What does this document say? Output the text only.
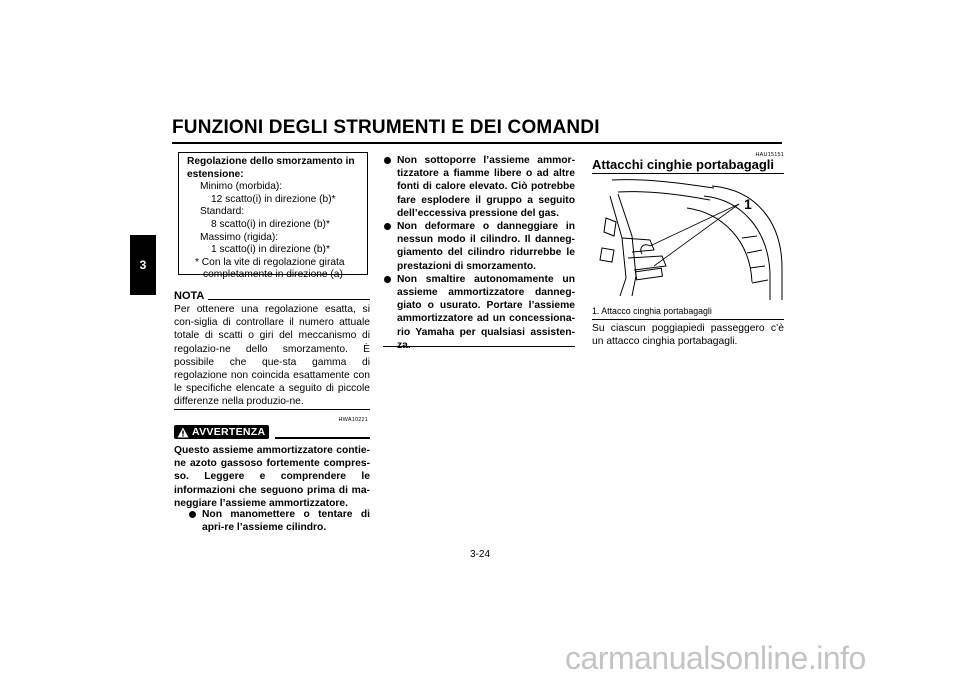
FUNZIONI DEGLI STRUMENTI E DEI COMANDI
3
Regolazione dello smorzamento in estensione:
Minimo (morbida):
12 scatto(i) in direzione (b)*
Standard:
8 scatto(i) in direzione (b)*
Massimo (rigida):
1 scatto(i) in direzione (b)*
* Con la vite di regolazione girata completamente in direzione (a)
NOTA
Per ottenere una regolazione esatta, si con-siglia di controllare il numero attuale totale di scatti o giri del meccanismo di regolazio-ne dello smorzamento. È possibile che que-sta gamma di regolazione non coincida esattamente con le specifiche elencate a seguito di piccole differenze nella produzio-ne.
HWA10221
AVVERTENZA
Questo assieme ammortizzatore contie-ne azoto gassoso fortemente compres-so. Leggere e comprendere le informazioni che seguono prima di ma-neggiare l’assieme ammortizzatore.
Non manomettere o tentare di apri-re l’assieme cilindro.
Non sottoporre l’assieme ammor-tizzatore a fiamme libere o ad altre fonti di calore elevato. Ciò potrebbe fare esplodere il gruppo a seguito dell’eccessiva pressione del gas.
Non deformare o danneggiare in nessun modo il cilindro. Il danneg-giamento del cilindro ridurrebbe le prestazioni di smorzamento.
Non smaltire autonomamente un assieme ammortizzatore danneg-giato o usurato. Portare l’assieme ammortizzatore ad un concessiona-rio Yamaha per qualsiasi assisten-za.
HAU15151
Attacchi cinghie portabagagli
1
1. Attacco cinghia portabagagli
Su ciascun poggiapiedi passeggero c’è un attacco cinghia portabagagli.
3-24
carmanualsonline.info
